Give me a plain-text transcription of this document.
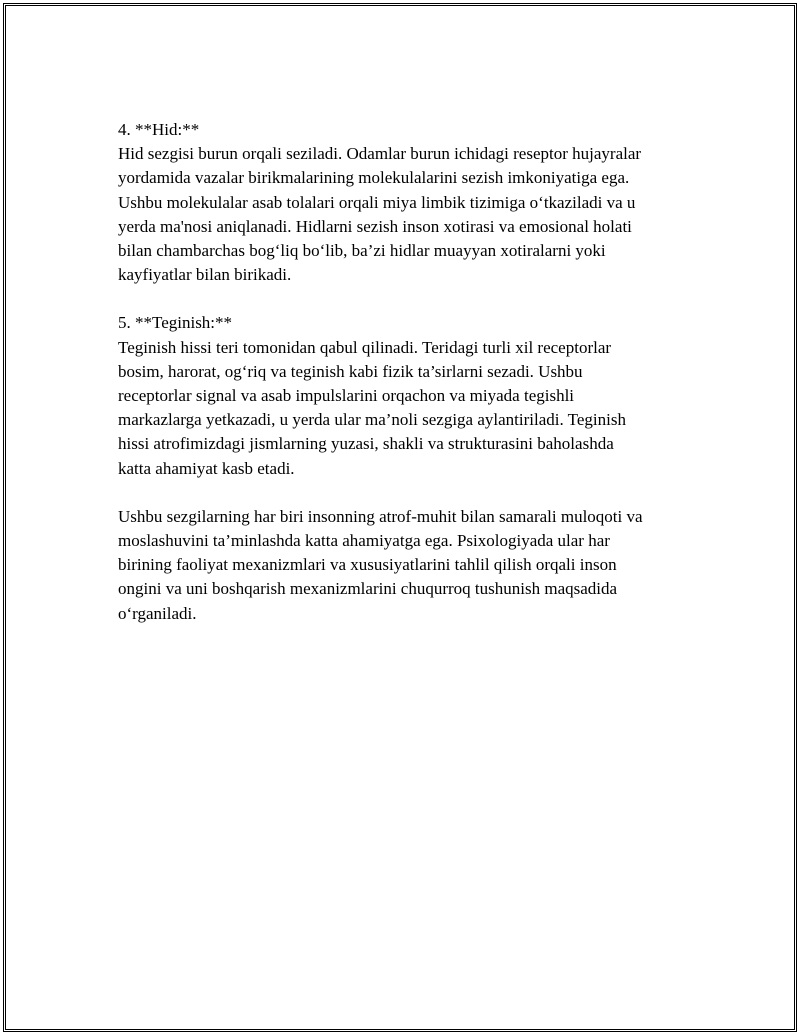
4. **Hid:**
Hid sezgisi burun orqali seziladi. Odamlar burun ichidagi reseptor hujayralar
yordamida vazalar birikmalarining molekulalarini sezish imkoniyatiga ega.
Ushbu molekulalar asab tolalari orqali miya limbik tizimiga o‘tkaziladi va u
yerda ma'nosi aniqlanadi. Hidlarni sezish inson xotirasi va emosional holati
bilan chambarchas bog‘liq bo‘lib, ba’zi hidlar muayyan xotiralarni yoki
kayfiyatlar bilan birikadi.

5. **Teginish:**
Teginish hissi teri tomonidan qabul qilinadi. Teridagi turli xil receptorlar
bosim, harorat, og‘riq va teginish kabi fizik ta’sirlarni sezadi. Ushbu
receptorlar signal va asab impulslarini orqachon va miyada tegishli
markazlarga yetkazadi, u yerda ular ma’noli sezgiga aylantiriladi. Teginish
hissi atrofimizdagi jismlarning yuzasi, shakli va strukturasini baholashda
katta ahamiyat kasb etadi.

Ushbu sezgilarning har biri insonning atrof-muhit bilan samarali muloqoti va
moslashuvini ta’minlashda katta ahamiyatga ega. Psixologiyada ular har
birining faoliyat mexanizmlari va xususiyatlarini tahlil qilish orqali inson
ongini va uni boshqarish mexanizmlarini chuqurroq tushunish maqsadida
o‘rganiladi.
